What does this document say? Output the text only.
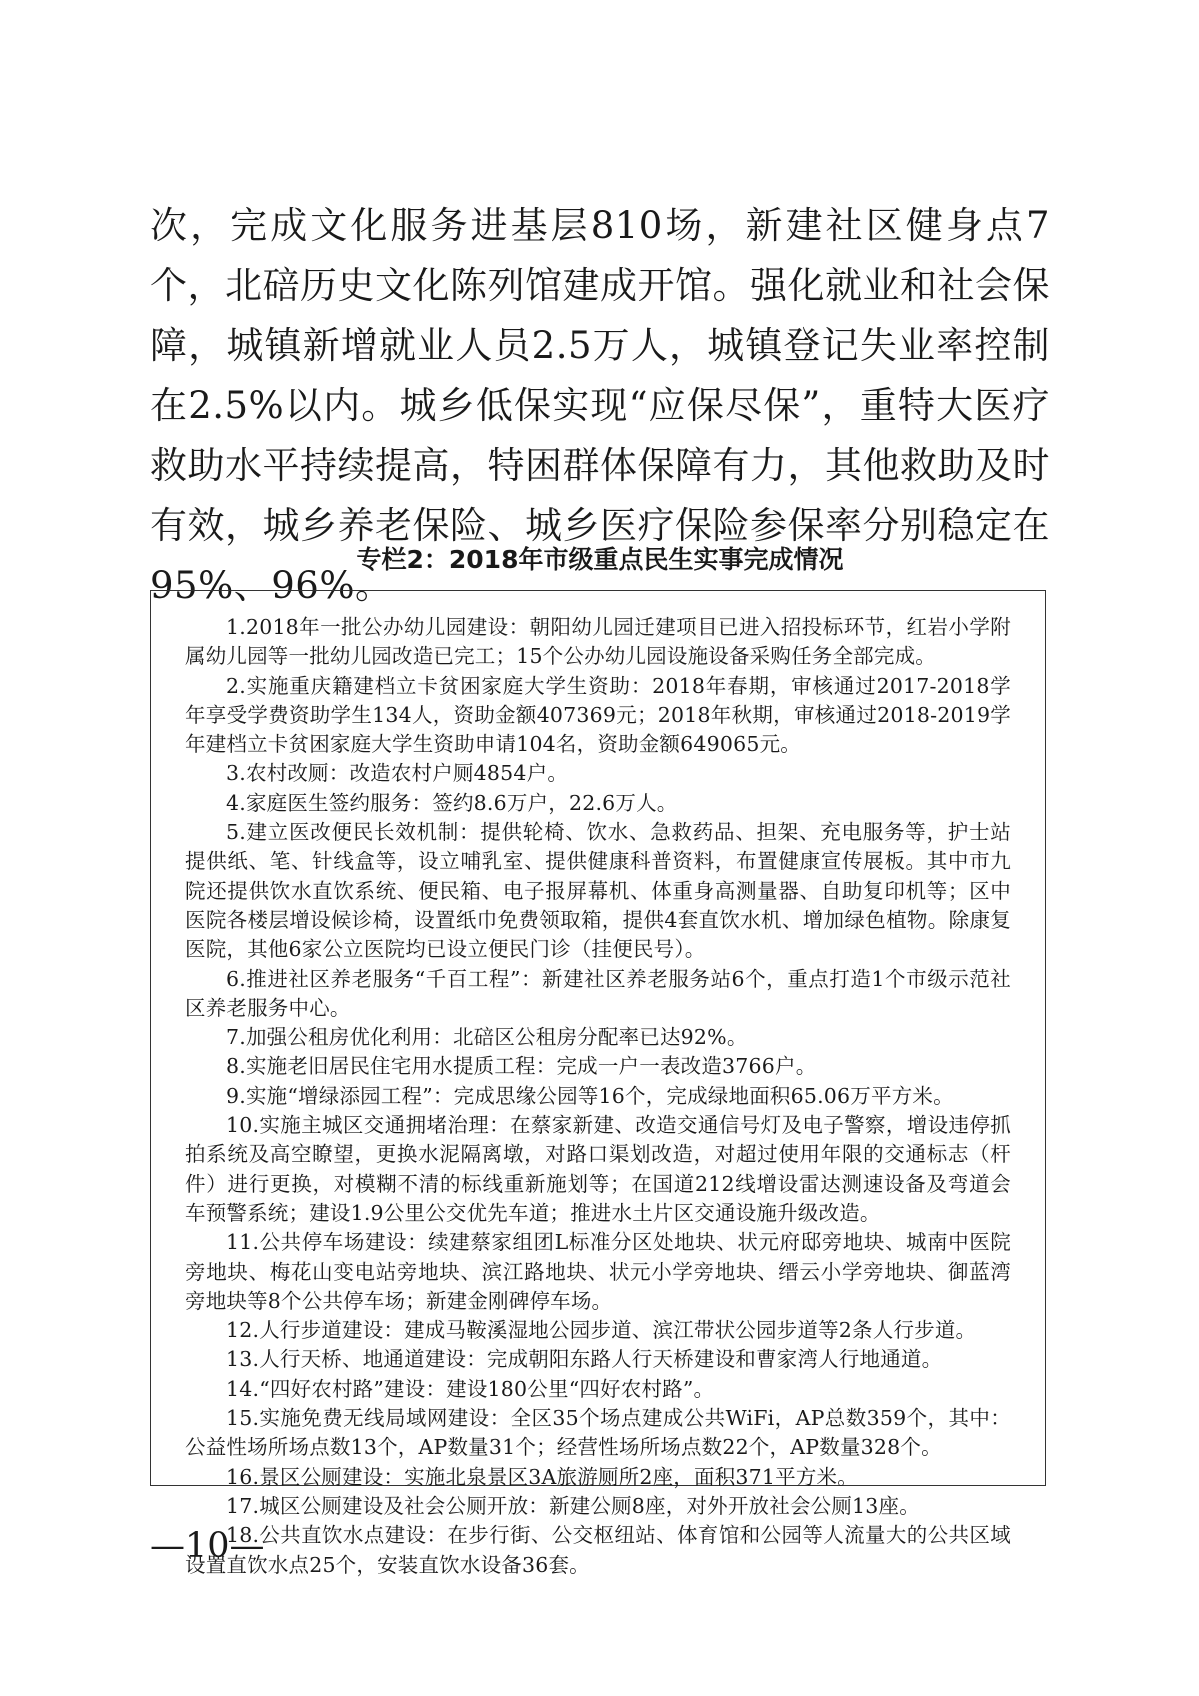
次，完成文化服务进基层810场，新建社区健身点7个，北碚历史文化陈列馆建成开馆。强化就业和社会保障，城镇新增就业人员2.5万人，城镇登记失业率控制在2.5%以内。城乡低保实现“应保尽保”，重特大医疗救助水平持续提高，特困群体保障有力，其他救助及时有效，城乡养老保险、城乡医疗保险参保率分别稳定在95%、96%。

专栏2：2018年市级重点民生实事完成情况

1.2018年一批公办幼儿园建设：朝阳幼儿园迁建项目已进入招投标环节，红岩小学附属幼儿园等一批幼儿园改造已完工；15个公办幼儿园设施设备采购任务全部完成。

2.实施重庆籍建档立卡贫困家庭大学生资助：2018年春期，审核通过2017-2018学年享受学费资助学生134人，资助金额407369元；2018年秋期，审核通过2018-2019学年建档立卡贫困家庭大学生资助申请104名，资助金额649065元。

3.农村改厕：改造农村户厕4854户。

4.家庭医生签约服务：签约8.6万户，22.6万人。

5.建立医改便民长效机制：提供轮椅、饮水、急救药品、担架、充电服务等，护士站提供纸、笔、针线盒等，设立哺乳室、提供健康科普资料，布置健康宣传展板。其中市九院还提供饮水直饮系统、便民箱、电子报屏幕机、体重身高测量器、自助复印机等；区中医院各楼层增设候诊椅，设置纸巾免费领取箱，提供4套直饮水机、增加绿色植物。除康复医院，其他6家公立医院均已设立便民门诊（挂便民号）。

6.推进社区养老服务“千百工程”：新建社区养老服务站6个，重点打造1个市级示范社区养老服务中心。

7.加强公租房优化利用：北碚区公租房分配率已达92%。

8.实施老旧居民住宅用水提质工程：完成一户一表改造3766户。

9.实施“增绿添园工程”：完成思缘公园等16个，完成绿地面积65.06万平方米。

10.实施主城区交通拥堵治理：在蔡家新建、改造交通信号灯及电子警察，增设违停抓拍系统及高空瞭望，更换水泥隔离墩，对路口渠划改造，对超过使用年限的交通标志（杆件）进行更换，对模糊不清的标线重新施划等；在国道212线增设雷达测速设备及弯道会车预警系统；建设1.9公里公交优先车道；推进水土片区交通设施升级改造。

11.公共停车场建设：续建蔡家组团L标准分区处地块、状元府邸旁地块、城南中医院旁地块、梅花山变电站旁地块、滨江路地块、状元小学旁地块、缙云小学旁地块、御蓝湾旁地块等8个公共停车场；新建金刚碑停车场。

12.人行步道建设：建成马鞍溪湿地公园步道、滨江带状公园步道等2条人行步道。

13.人行天桥、地通道建设：完成朝阳东路人行天桥建设和曹家湾人行地通道。

14.“四好农村路”建设：建设180公里“四好农村路”。

15.实施免费无线局域网建设：全区35个场点建成公共WiFi，AP总数359个，其中：公益性场所场点数13个，AP数量31个；经营性场所场点数22个，AP数量328个。

16.景区公厕建设：实施北泉景区3A旅游厕所2座，面积371平方米。

17.城区公厕建设及社会公厕开放：新建公厕8座，对外开放社会公厕13座。

18.公共直饮水点建设：在步行街、公交枢纽站、体育馆和公园等人流量大的公共区域设置直饮水点25个，安装直饮水设备36套。

—10—
